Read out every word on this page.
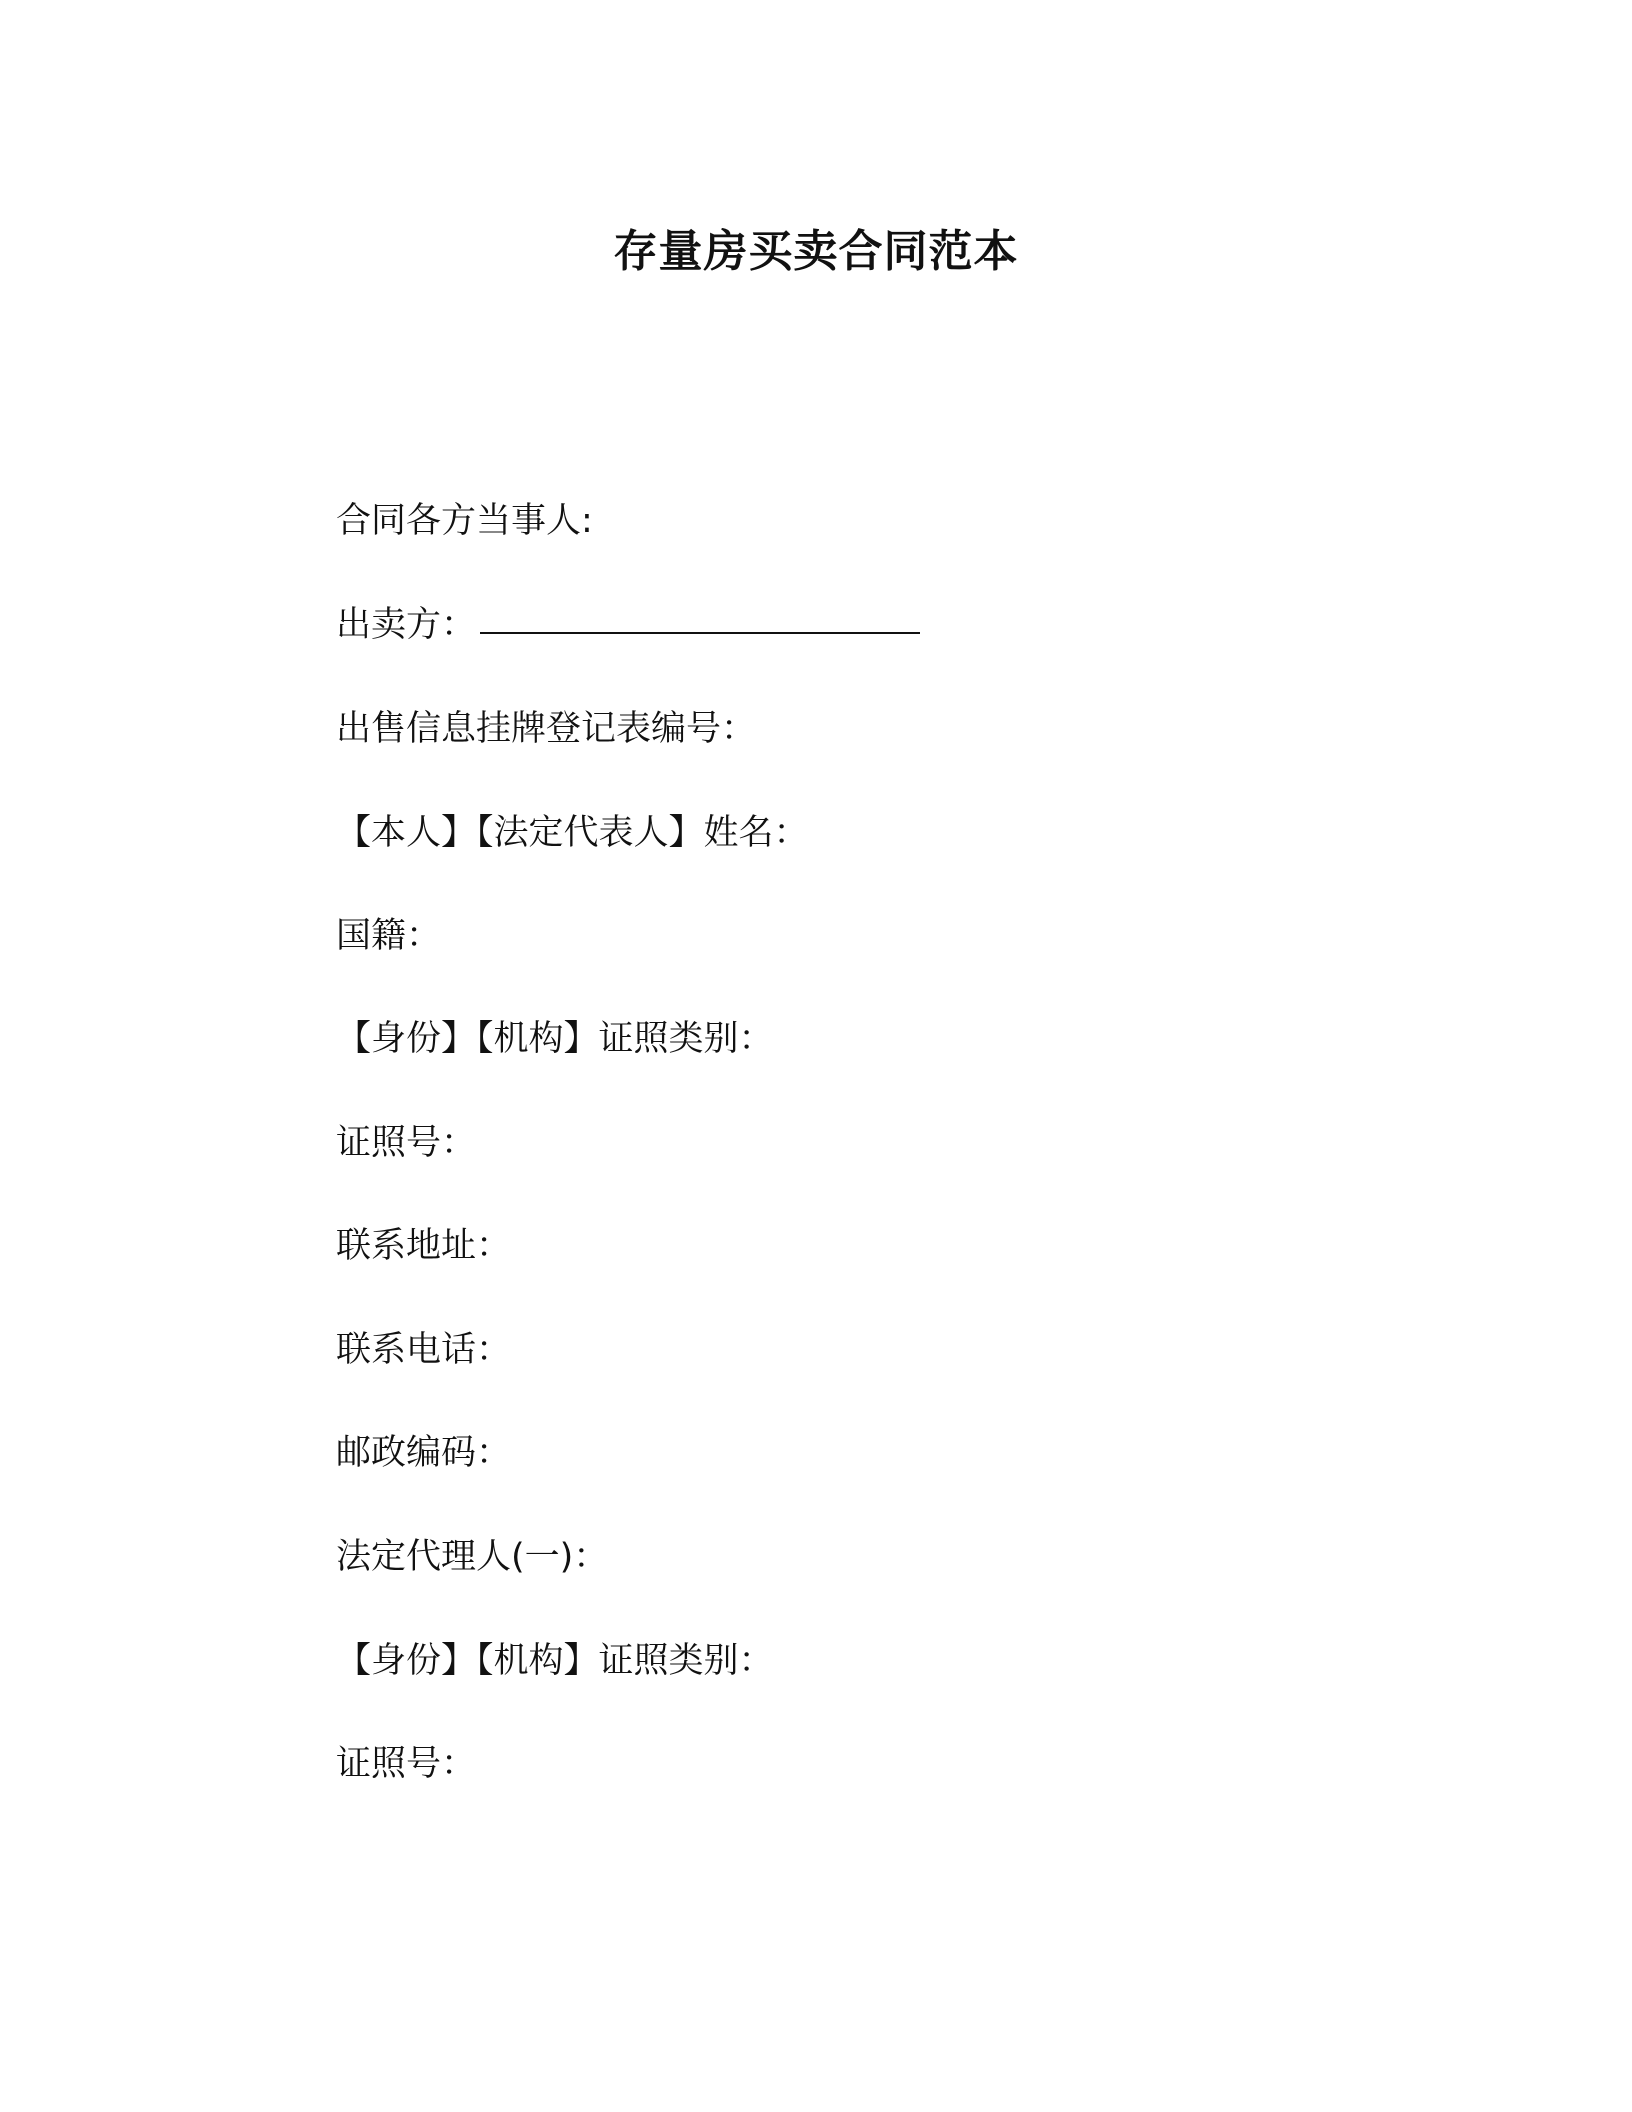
存量房买卖合同范本
合同各方当事人:
出卖方：
出售信息挂牌登记表编号：
【本人】【法定代表人】姓名：
国籍：
【身份】【机构】证照类别：
证照号：
联系地址：
联系电话：
邮政编码：
法定代理人(一)：
【身份】【机构】证照类别：
证照号：
